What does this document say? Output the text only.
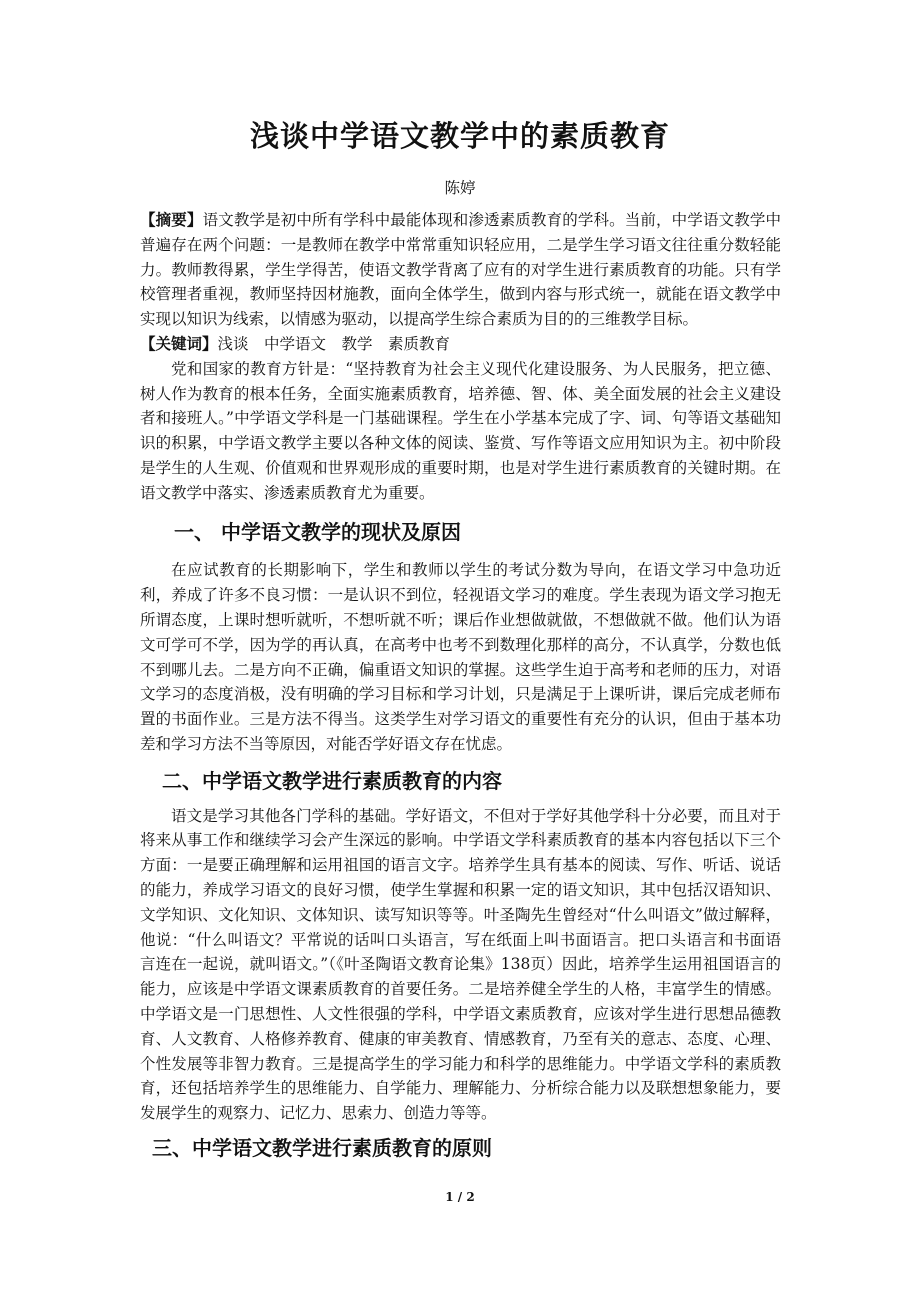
浅谈中学语文教学中的素质教育
陈婷

【摘要】语文教学是初中所有学科中最能体现和渗透素质教育的学科。当前，中学语文教学中普遍存在两个问题：一是教师在教学中常常重知识轻应用，二是学生学习语文往往重分数轻能力。教师教得累，学生学得苦，使语文教学背离了应有的对学生进行素质教育的功能。只有学校管理者重视，教师坚持因材施教，面向全体学生，做到内容与形式统一，就能在语文教学中实现以知识为线索，以情感为驱动，以提高学生综合素质为目的的三维教学目标。

【关键词】浅谈　中学语文　教学　素质教育

党和国家的教育方针是：“坚持教育为社会主义现代化建设服务、为人民服务，把立德、树人作为教育的根本任务，全面实施素质教育，培养德、智、体、美全面发展的社会主义建设者和接班人。”中学语文学科是一门基础课程。学生在小学基本完成了字、词、句等语文基础知识的积累，中学语文教学主要以各种文体的阅读、鉴赏、写作等语文应用知识为主。初中阶段是学生的人生观、价值观和世界观形成的重要时期，也是对学生进行素质教育的关键时期。在语文教学中落实、渗透素质教育尤为重要。

一、 中学语文教学的现状及原因

在应试教育的长期影响下，学生和教师以学生的考试分数为导向，在语文学习中急功近利，养成了许多不良习惯：一是认识不到位，轻视语文学习的难度。学生表现为语文学习抱无所谓态度，上课时想听就听，不想听就不听；课后作业想做就做，不想做就不做。他们认为语文可学可不学，因为学的再认真，在高考中也考不到数理化那样的高分，不认真学，分数也低不到哪儿去。二是方向不正确，偏重语文知识的掌握。这些学生迫于高考和老师的压力，对语文学习的态度消极，没有明确的学习目标和学习计划，只是满足于上课听讲，课后完成老师布置的书面作业。三是方法不得当。这类学生对学习语文的重要性有充分的认识，但由于基本功差和学习方法不当等原因，对能否学好语文存在忧虑。

二、中学语文教学进行素质教育的内容

语文是学习其他各门学科的基础。学好语文，不但对于学好其他学科十分必要，而且对于将来从事工作和继续学习会产生深远的影响。中学语文学科素质教育的基本内容包括以下三个方面：一是要正确理解和运用祖国的语言文字。培养学生具有基本的阅读、写作、听话、说话的能力，养成学习语文的良好习惯，使学生掌握和积累一定的语文知识，其中包括汉语知识、文学知识、文化知识、文体知识、读写知识等等。叶圣陶先生曾经对“什么叫语文”做过解释，他说：“什么叫语文？平常说的话叫口头语言，写在纸面上叫书面语言。把口头语言和书面语言连在一起说，就叫语文。”（《叶圣陶语文教育论集》138页）因此，培养学生运用祖国语言的能力，应该是中学语文课素质教育的首要任务。二是培养健全学生的人格，丰富学生的情感。中学语文是一门思想性、人文性很强的学科，中学语文素质教育，应该对学生进行思想品德教育、人文教育、人格修养教育、健康的审美教育、情感教育，乃至有关的意志、态度、心理、个性发展等非智力教育。三是提高学生的学习能力和科学的思维能力。中学语文学科的素质教育，还包括培养学生的思维能力、自学能力、理解能力、分析综合能力以及联想想象能力，要发展学生的观察力、记忆力、思索力、创造力等等。

三、中学语文教学进行素质教育的原则
1 / 2
